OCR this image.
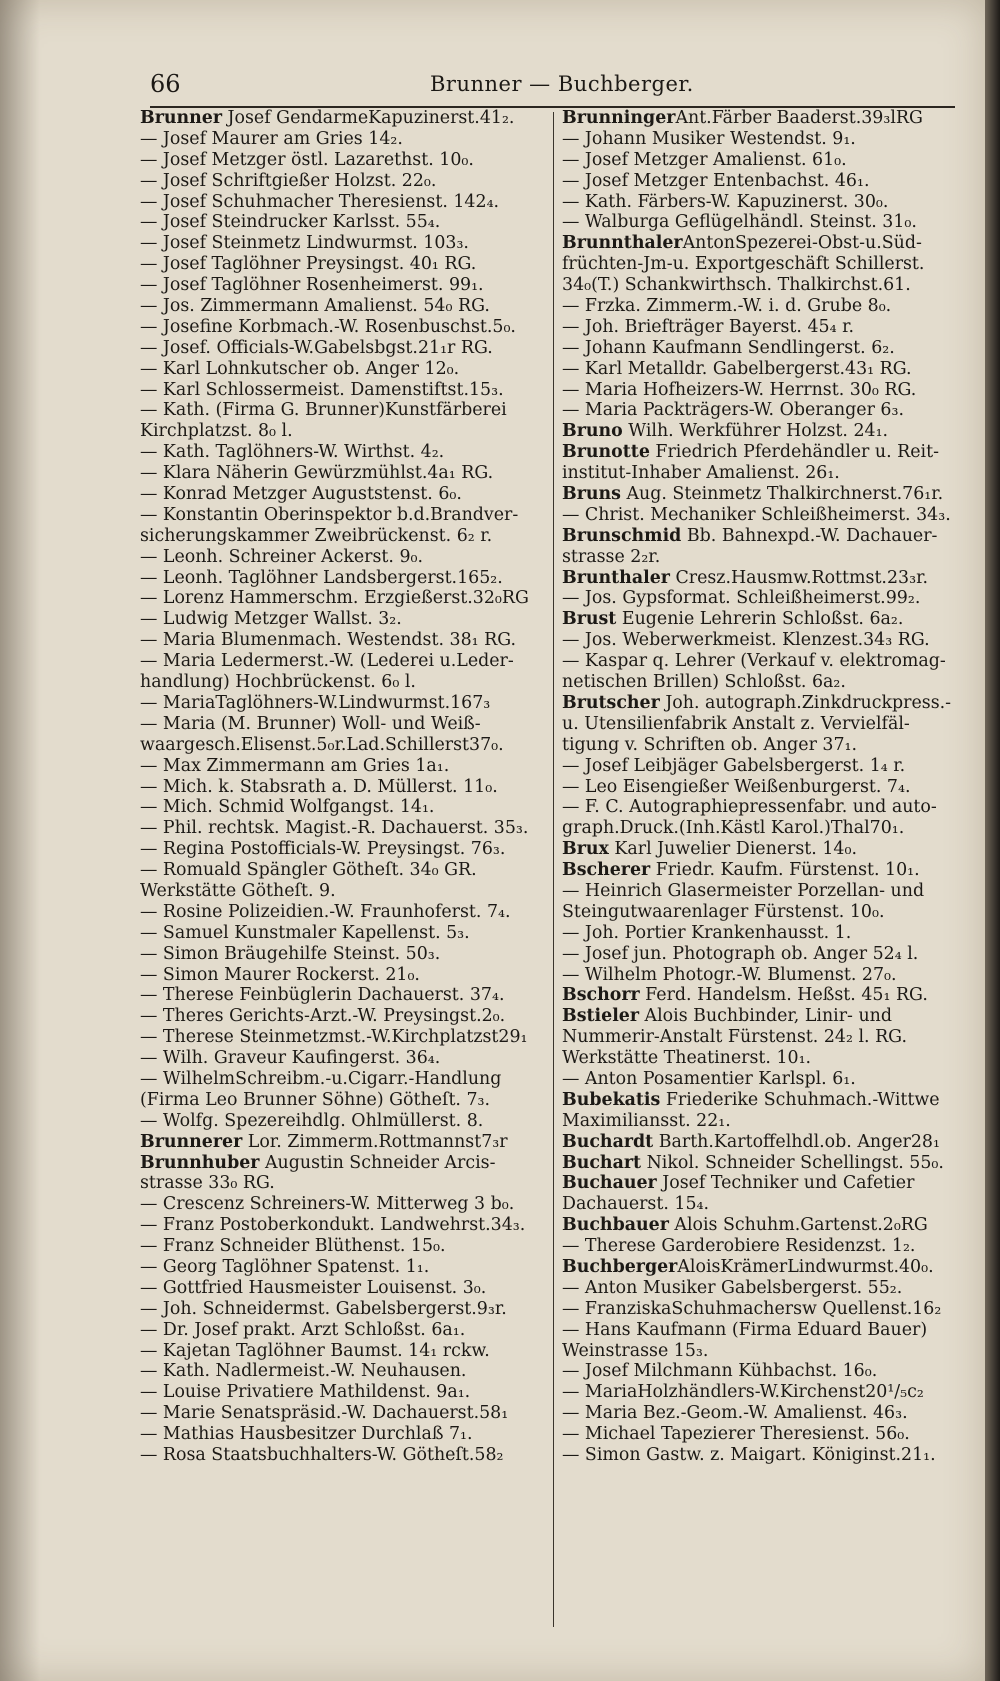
66	Brunner — Buchberger.
Brunner Josef GendarmeKapuzinerst.41₂.
— Josef Maurer am Gries 14₂.
— Josef Metzger östl. Lazarethst. 10₀.
— Josef Schriftgießer Holzst. 22₀.
— Josef Schuhmacher Theresienst. 142₄.
— Josef Steindrucker Karlsst. 55₄.
— Josef Steinmetz Lindwurmst. 103₃.
— Josef Taglöhner Preysingst. 40₁ RG.
— Josef Taglöhner Rosenheimerst. 99₁.
— Jos. Zimmermann Amalienst. 54₀ RG.
— Josefine Korbmach.-W. Rosenbuschst.5₀.
— Josef. Officials-W.Gabelsbgst.21₁r RG.
— Karl Lohnkutscher ob. Anger 12₀.
— Karl Schlossermeist. Damenstiftst.15₃.
— Kath. (Firma G. Brunner)Kunstfärberei
Kirchplatzst. 8₀ l.
— Kath. Taglöhners-W. Wirthst. 4₂.
— Klara Näherin Gewürzmühlst.4a₁ RG.
— Konrad Metzger Auguststenst. 6₀.
— Konstantin Oberinspektor b.d.Brandver-
sicherungskammer Zweibrückenst. 6₂ r.
— Leonh. Schreiner Ackerst. 9₀.
— Leonh. Taglöhner Landsbergerst.165₂.
— Lorenz Hammerschm. Erzgießerst.32₀RG
— Ludwig Metzger Wallst. 3₂.
— Maria Blumenmach. Westendst. 38₁ RG.
— Maria Ledermerst.-W. (Lederei u.Leder-
handlung) Hochbrückenst. 6₀ l.
— MariaTaglöhners-W.Lindwurmst.167₃
— Maria (M. Brunner) Woll- und Weiß-
waargesch.Elisenst.5₀r.Lad.Schillerst37₀.
— Max Zimmermann am Gries 1a₁.
— Mich. k. Stabsrath a. D. Müllerst. 11₀.
— Mich. Schmid Wolfgangst. 14₁.
— Phil. rechtsk. Magist.-R. Dachauerst. 35₃.
— Regina Postofficials-W. Preysingst. 76₃.
— Romuald Spängler Götheſt. 34₀ GR.
Werkstätte Götheſt. 9.
— Rosine Polizeidien.-W. Fraunhoferst. 7₄.
— Samuel Kunstmaler Kapellenst. 5₃.
— Simon Bräugehilfe Steinst. 50₃.
— Simon Maurer Rockerst. 21₀.
— Therese Feinbüglerin Dachauerst. 37₄.
— Theres Gerichts-Arzt.-W. Preysingst.2₀.
— Therese Steinmetzmst.-W.Kirchplatzst29₁
— Wilh. Graveur Kaufingerst. 36₄.
— WilhelmSchreibm.-u.Cigarr.-Handlung
(Firma Leo Brunner Söhne) Götheſt. 7₃.
— Wolfg. Spezereihdlg. Ohlmüllerst. 8.
Brunnerer Lor. Zimmerm.Rottmannst7₃r
Brunnhuber Augustin Schneider Arcis-
strasse 33₀ RG.
— Crescenz Schreiners-W. Mitterweg 3 b₀.
— Franz Postoberkondukt. Landwehrst.34₃.
— Franz Schneider Blüthenst. 15₀.
— Georg Taglöhner Spatenst. 1₁.
— Gottfried Hausmeister Louisenst. 3₀.
— Joh. Schneidermst. Gabelsbergerst.9₃r.
— Dr. Josef prakt. Arzt Schloßst. 6a₁.
— Kajetan Taglöhner Baumst. 14₁ rckw.
— Kath. Nadlermeist.-W. Neuhausen.
— Louise Privatiere Mathildenst. 9a₁.
— Marie Senatspräsid.-W. Dachauerst.58₁
— Mathias Hausbesitzer Durchlaß 7₁.
— Rosa Staatsbuchhalters-W. Götheſt.58₂
BrunningerAnt.Färber Baaderst.39₃lRG
— Johann Musiker Westendst. 9₁.
— Josef Metzger Amalienst. 61₀.
— Josef Metzger Entenbachst. 46₁.
— Kath. Färbers-W. Kapuzinerst. 30₀.
— Walburga Geflügelhändl. Steinst. 31₀.
BrunnthalerAntonSpezerei-Obst-u.Süd-
früchten-Jm-u. Exportgeschäft Schillerst.
34₀(T.) Schankwirthsch. Thalkirchst.61.
— Frzka. Zimmerm.-W. i. d. Grube 8₀.
— Joh. Briefträger Bayerst. 45₄ r.
— Johann Kaufmann Sendlingerst. 6₂.
— Karl Metalldr. Gabelbergerst.43₁ RG.
— Maria Hofheizers-W. Herrnst. 30₀ RG.
— Maria Packträgers-W. Oberanger 6₃.
Bruno Wilh. Werkführer Holzst. 24₁.
Brunotte Friedrich Pferdehändler u. Reit-
institut-Inhaber Amalienst. 26₁.
Bruns Aug. Steinmetz Thalkirchnerst.76₁r.
— Christ. Mechaniker Schleißheimerst. 34₃.
Brunschmid Bb. Bahnexpd.-W. Dachauer-
strasse 2₂r.
Brunthaler Cresz.Hausmw.Rottmst.23₃r.
— Jos. Gypsformat. Schleißheimerst.99₂.
Brust Eugenie Lehrerin Schloßst. 6a₂.
— Jos. Weberwerkmeist. Klenzest.34₃ RG.
— Kaspar q. Lehrer (Verkauf v. elektromag-
netischen Brillen) Schloßst. 6a₂.
Brutscher Joh. autograph.Zinkdruckpress.-
u. Utensilienfabrik Anstalt z. Vervielfäl-
tigung v. Schriften ob. Anger 37₁.
— Josef Leibjäger Gabelsbergerst. 1₄ r.
— Leo Eisengießer Weißenburgerst. 7₄.
— F. C. Autographiepressenfabr. und auto-
graph.Druck.(Inh.Kästl Karol.)Thal70₁.
Brux Karl Juwelier Dienerst. 14₀.
Bscherer Friedr. Kaufm. Fürstenst. 10₁.
— Heinrich Glasermeister Porzellan- und
Steingutwaarenlager Fürstenst. 10₀.
— Joh. Portier Krankenhausst. 1.
— Josef jun. Photograph ob. Anger 52₄ l.
— Wilhelm Photogr.-W. Blumenst. 27₀.
Bschorr Ferd. Handelsm. Heßst. 45₁ RG.
Bstieler Alois Buchbinder, Linir- und
Nummerir-Anstalt Fürstenst. 24₂ l. RG.
Werkstätte Theatinerst. 10₁.
— Anton Posamentier Karlspl. 6₁.
Bubekatis Friederike Schuhmach.-Wittwe
Maximiliansst. 22₁.
Buchardt Barth.Kartoffelhdl.ob. Anger28₁
Buchart Nikol. Schneider Schellingst. 55₀.
Buchauer Josef Techniker und Cafetier
Dachauerst. 15₄.
Buchbauer Alois Schuhm.Gartenst.2₀RG
— Therese Garderobiere Residenzst. 1₂.
BuchbergerAloisKrämerLindwurmst.40₀.
— Anton Musiker Gabelsbergerst. 55₂.
— FranziskaSchuhmachersw Quellenst.16₂
— Hans Kaufmann (Firma Eduard Bauer)
Weinstrasse 15₃.
— Josef Milchmann Kühbachst. 16₀.
— MariaHolzhändlers-W.Kirchenst20¹/₅c₂
— Maria Bez.-Geom.-W. Amalienst. 46₃.
— Michael Tapezierer Theresienst. 56₀.
— Simon Gastw. z. Maigart. Königinst.21₁.
